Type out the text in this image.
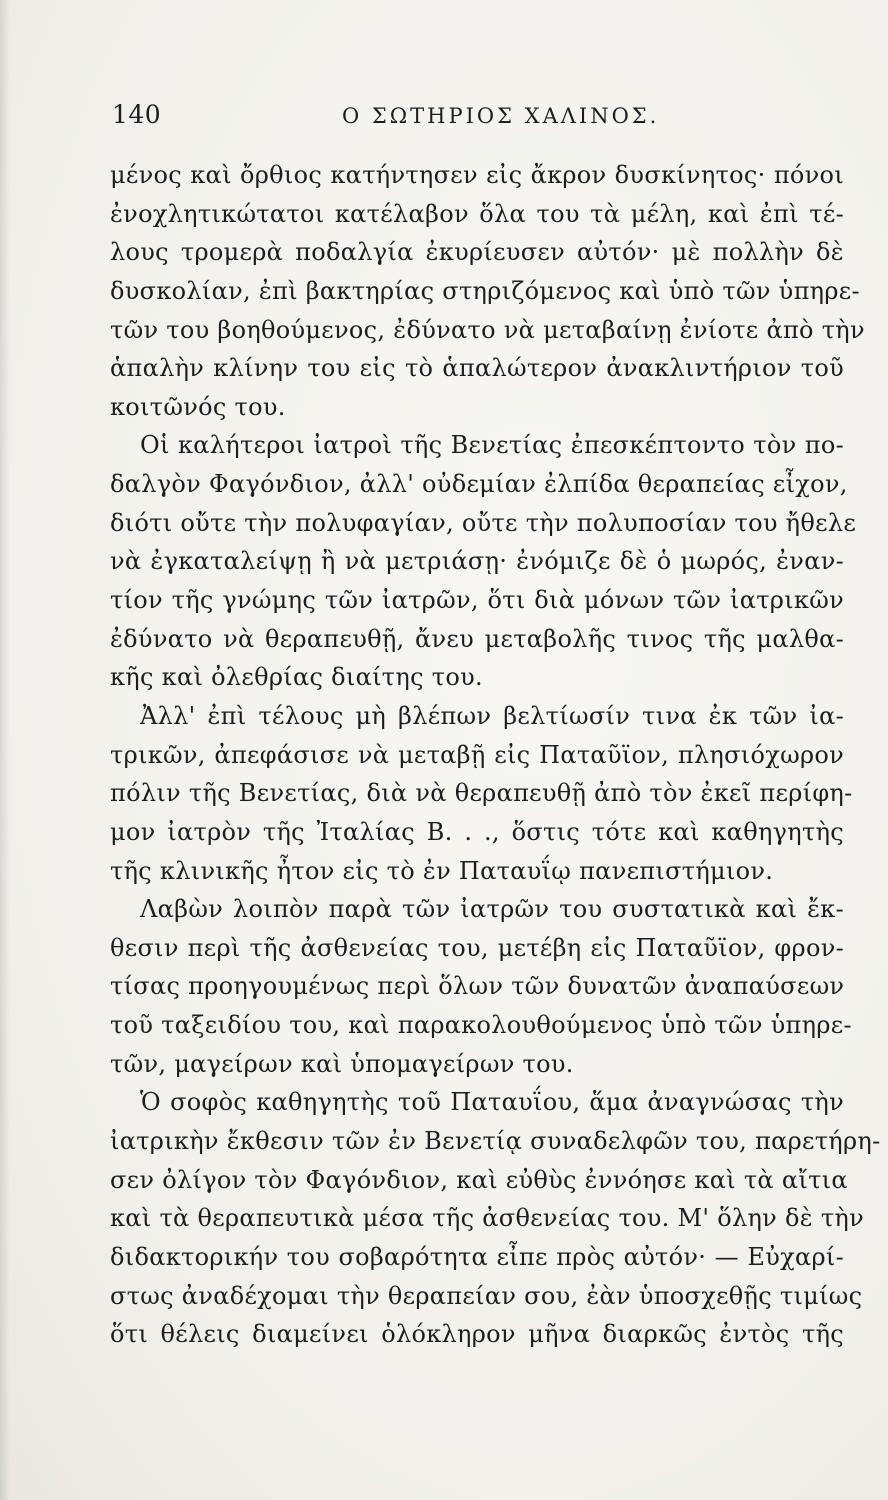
140	Ο ΣΩΤΗΡΙΟΣ ΧΑΛΙΝΟΣ.
μένος καὶ ὄρθιος κατήντησεν εἰς ἄκρον δυσκίνητος· πόνοι
ἐνοχλητικώτατοι κατέλαβον ὅλα του τὰ μέλη, καὶ ἐπὶ τέ-
λους τρομερὰ ποδαλγία ἐκυρίευσεν αὐτόν· μὲ πολλὴν δὲ
δυσκολίαν, ἐπὶ βακτηρίας στηριζόμενος καὶ ὑπὸ τῶν ὑπηρε-
τῶν του βοηθούμενος, ἐδύνατο νὰ μεταβαίνῃ ἐνίοτε ἀπὸ τὴν
ἁπαλὴν κλίνην του εἰς τὸ ἁπαλώτερον ἀνακλιντήριον τοῦ
κοιτῶνός του.
Οἱ καλήτεροι ἰατροὶ τῆς Βενετίας ἐπεσκέπτοντο τὸν πο-
δαλγὸν Φαγόνδιον, ἀλλ' οὐδεμίαν ἐλπίδα θεραπείας εἶχον,
διότι οὔτε τὴν πολυφαγίαν, οὔτε τὴν πολυποσίαν του ἤθελε
νὰ ἐγκαταλείψῃ ἢ νὰ μετριάσῃ· ἐνόμιζε δὲ ὁ μωρός, ἐναν-
τίον τῆς γνώμης τῶν ἰατρῶν, ὅτι διὰ μόνων τῶν ἰατρικῶν
ἐδύνατο νὰ θεραπευθῇ, ἄνευ μεταβολῆς τινος τῆς μαλθα-
κῆς καὶ ὀλεθρίας διαίτης του.
Ἀλλ' ἐπὶ τέλους μὴ βλέπων βελτίωσίν τινα ἐκ τῶν ἰα-
τρικῶν, ἀπεφάσισε νὰ μεταβῇ εἰς Παταῦϊον, πλησιόχωρον
πόλιν τῆς Βενετίας, διὰ νὰ θεραπευθῇ ἀπὸ τὸν ἐκεῖ περίφη-
μον ἰατρὸν τῆς Ἰταλίας Β. . ., ὅστις τότε καὶ καθηγητὴς
τῆς κλινικῆς ἦτον εἰς τὸ ἐν Παταυΐῳ πανεπιστήμιον.
Λαβὼν λοιπὸν παρὰ τῶν ἰατρῶν του συστατικὰ καὶ ἔκ-
θεσιν περὶ τῆς ἀσθενείας του, μετέβη εἰς Παταῦϊον, φρον-
τίσας προηγουμένως περὶ ὅλων τῶν δυνατῶν ἀναπαύσεων
τοῦ ταξειδίου του, καὶ παρακολουθούμενος ὑπὸ τῶν ὑπηρε-
τῶν, μαγείρων καὶ ὑπομαγείρων του.
Ὁ σοφὸς καθηγητὴς τοῦ Παταυΐου, ἅμα ἀναγνώσας τὴν
ἰατρικὴν ἔκθεσιν τῶν ἐν Βενετίᾳ συναδελφῶν του, παρετήρη-
σεν ὀλίγον τὸν Φαγόνδιον, καὶ εὐθὺς ἐννόησε καὶ τὰ αἴτια
καὶ τὰ θεραπευτικὰ μέσα τῆς ἀσθενείας του. Μ' ὅλην δὲ τὴν
διδακτορικήν του σοβαρότητα εἶπε πρὸς αὐτόν· — Εὐχαρί-
στως ἀναδέχομαι τὴν θεραπείαν σου, ἐὰν ὑποσχεθῇς τιμίως
ὅτι θέλεις διαμείνει ὁλόκληρον μῆνα διαρκῶς ἐντὸς τῆς
